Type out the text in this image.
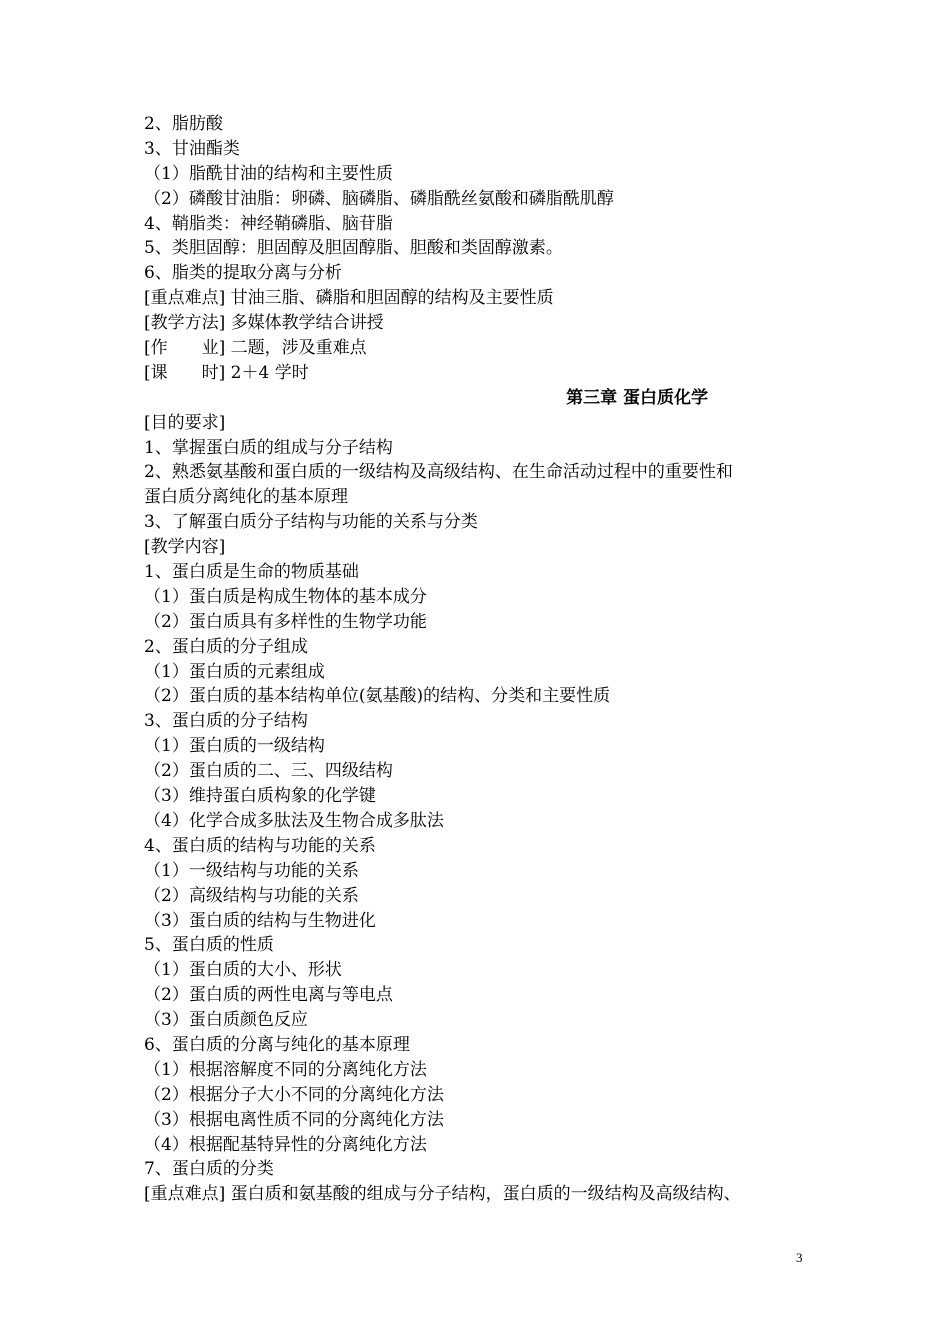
2、脂肪酸
3、甘油酯类
（1）脂酰甘油的结构和主要性质
（2）磷酸甘油脂：卵磷、脑磷脂、磷脂酰丝氨酸和磷脂酰肌醇
4、鞘脂类：神经鞘磷脂、脑苷脂
5、类胆固醇：胆固醇及胆固醇脂、胆酸和类固醇激素。
6、脂类的提取分离与分析
[重点难点] 甘油三脂、磷脂和胆固醇的结构及主要性质
[教学方法] 多媒体教学结合讲授
[作　　业] 二题，涉及重难点
[课　　时] 2＋4 学时
第三章 蛋白质化学
[目的要求]
1、掌握蛋白质的组成与分子结构
2、熟悉氨基酸和蛋白质的一级结构及高级结构、在生命活动过程中的重要性和
蛋白质分离纯化的基本原理
3、了解蛋白质分子结构与功能的关系与分类
[教学内容]
1、蛋白质是生命的物质基础
（1）蛋白质是构成生物体的基本成分
（2）蛋白质具有多样性的生物学功能
2、蛋白质的分子组成
（1）蛋白质的元素组成
（2）蛋白质的基本结构单位(氨基酸)的结构、分类和主要性质
3、蛋白质的分子结构
（1）蛋白质的一级结构
（2）蛋白质的二、三、四级结构
（3）维持蛋白质构象的化学键
（4）化学合成多肽法及生物合成多肽法
4、蛋白质的结构与功能的关系
（1）一级结构与功能的关系
（2）高级结构与功能的关系
（3）蛋白质的结构与生物进化
5、蛋白质的性质
（1）蛋白质的大小、形状
（2）蛋白质的两性电离与等电点
（3）蛋白质颜色反应
6、蛋白质的分离与纯化的基本原理
（1）根据溶解度不同的分离纯化方法
（2）根据分子大小不同的分离纯化方法
（3）根据电离性质不同的分离纯化方法
（4）根据配基特异性的分离纯化方法
7、蛋白质的分类
[重点难点] 蛋白质和氨基酸的组成与分子结构，蛋白质的一级结构及高级结构、
3
